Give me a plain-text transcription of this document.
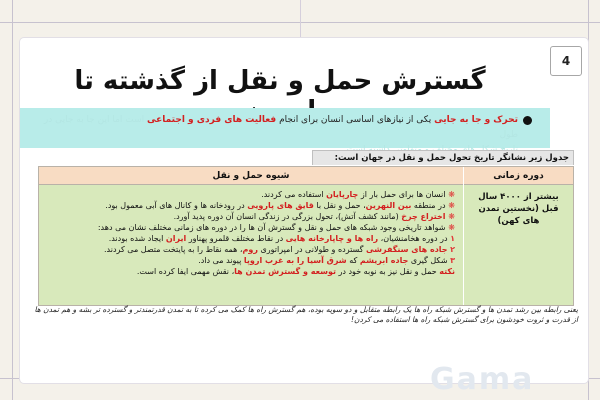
4
گسترش حمل و نقل از گذشته تا
تحرک و جا به جایی یکی از نیازهای اساسی انسان برای انجام فعالیت های فردی و اجتماعی است اما این جا به جایی در طول

جدول زیر نشانگر تاریخ تحول حمل و نقل در جهان است:
دوره زمانی
شیوه حمل و نقل
بیشتر از ۴۰۰۰ سال قبل (نخستین تمدن های کهن)

❋ انسان ها برای حمل بار از چارپایان استفاده می کردند.

❋ در منطقه بین النهرین، حمل و نقل با قایق های پارویی در رودخانه ها و کانال های آبی معمول بود.

❋ اختراع چرخ (مانند کشف آتش)، تحول بزرگی در زندگی انسان آن دوره پدید آورد.

❋ شواهد تاریخی وجود شبکه های حمل و نقل و گسترش آن ها را در دوره های زمانی مختلف نشان می دهد:

۱ در دوره هخامنشیان، راه ها و چاپارخانه هایی در نقاط مختلف قلمرو پهناور ایران ایجاد شده بودند.

۲ جاده های سنگفرشی گسترده و طولانی در امپراتوری روم، همه نقاط را به پایتخت متصل می کردند.

۳ شکل گیری جاده ابریشم که شرق آسیا را به غرب اروپا پیوند می داد.

نکته حمل و نقل نیز به نوبه خود در توسعه و گسترش تمدن ها، نقش مهمی ایفا کرده است.

یعنی رابطه بین رشد تمدن ها و گسترش شبکه راه ها یک رابطه متقابل و دو سویه بوده، هم گسترش راه ها کمک می کرده تا به تمدن قدرتمندتر و گسترده تر بشه و هم تمدن ها از قدرت و ثروت خودشون برای گسترش شبکه راه ها استفاده می کردن!
Gama
